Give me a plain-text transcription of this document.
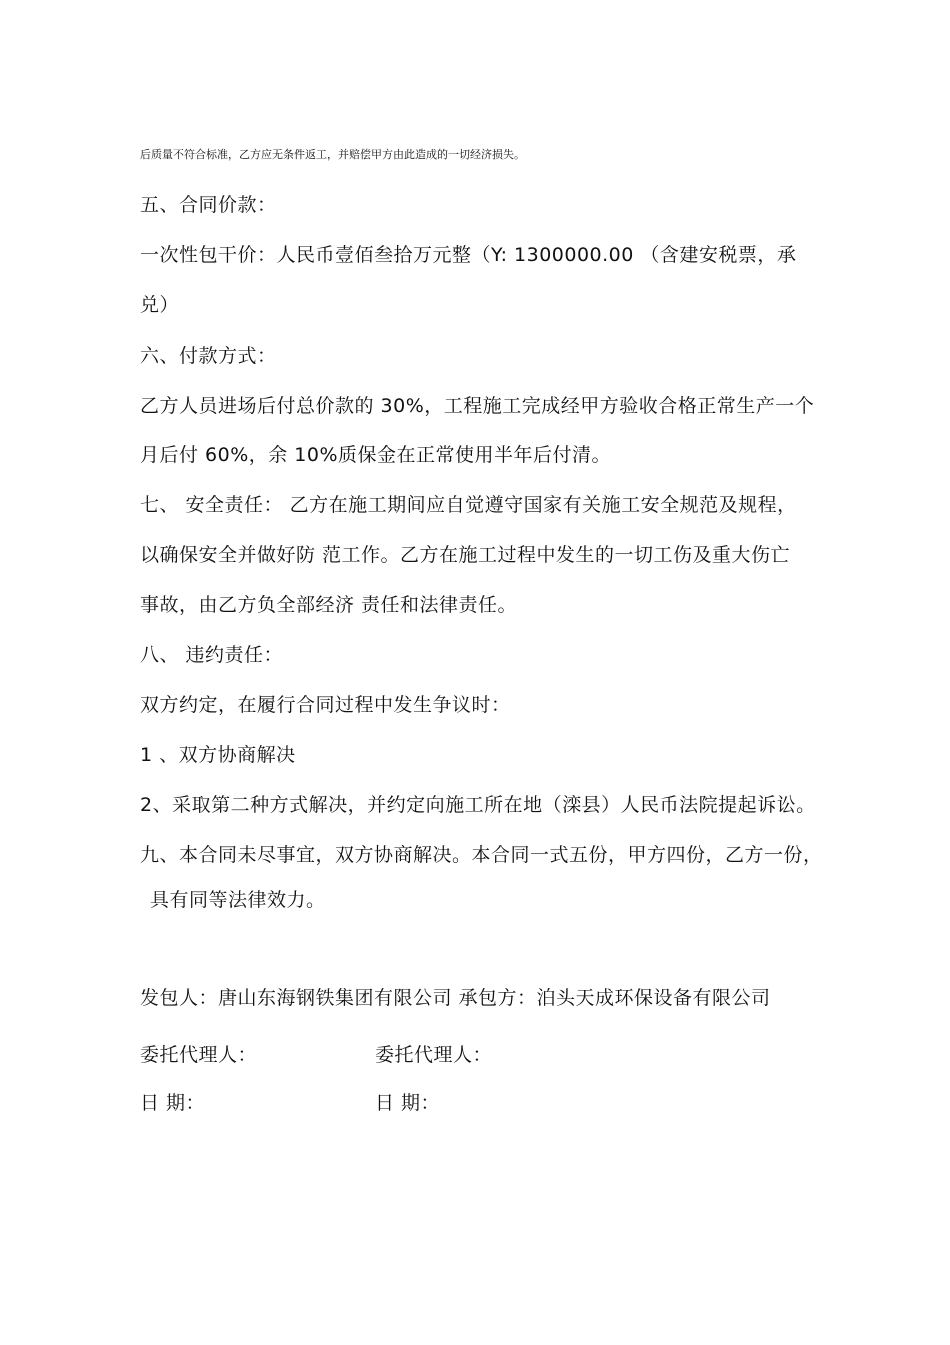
后质量不符合标准，乙方应无条件返工，并赔偿甲方由此造成的一切经济损失。
五、合同价款：
一次性包干价：人民币壹佰叁拾万元整（Y: 1300000.00 （含建安税票，承
兑）
六、付款方式：
乙方人员进场后付总价款的 30%，工程施工完成经甲方验收合格正常生产一个
月后付 60%，余 10%质保金在正常使用半年后付清。
七、 安全责任： 乙方在施工期间应自觉遵守国家有关施工安全规范及规程，
以确保安全并做好防 范工作。乙方在施工过程中发生的一切工伤及重大伤亡
事故，由乙方负全部经济 责任和法律责任。
八、 违约责任：
双方约定，在履行合同过程中发生争议时：
1 、双方协商解决
2、采取第二种方式解决，并约定向施工所在地（滦县）人民币法院提起诉讼。
九、本合同未尽事宜，双方协商解决。本合同一式五份，甲方四份，乙方一份，
具有同等法律效力。
发包人：唐山东海钢铁集团有限公司 承包方：泊头天成环保设备有限公司
委托代理人：	委托代理人：
日 期：	日 期：
